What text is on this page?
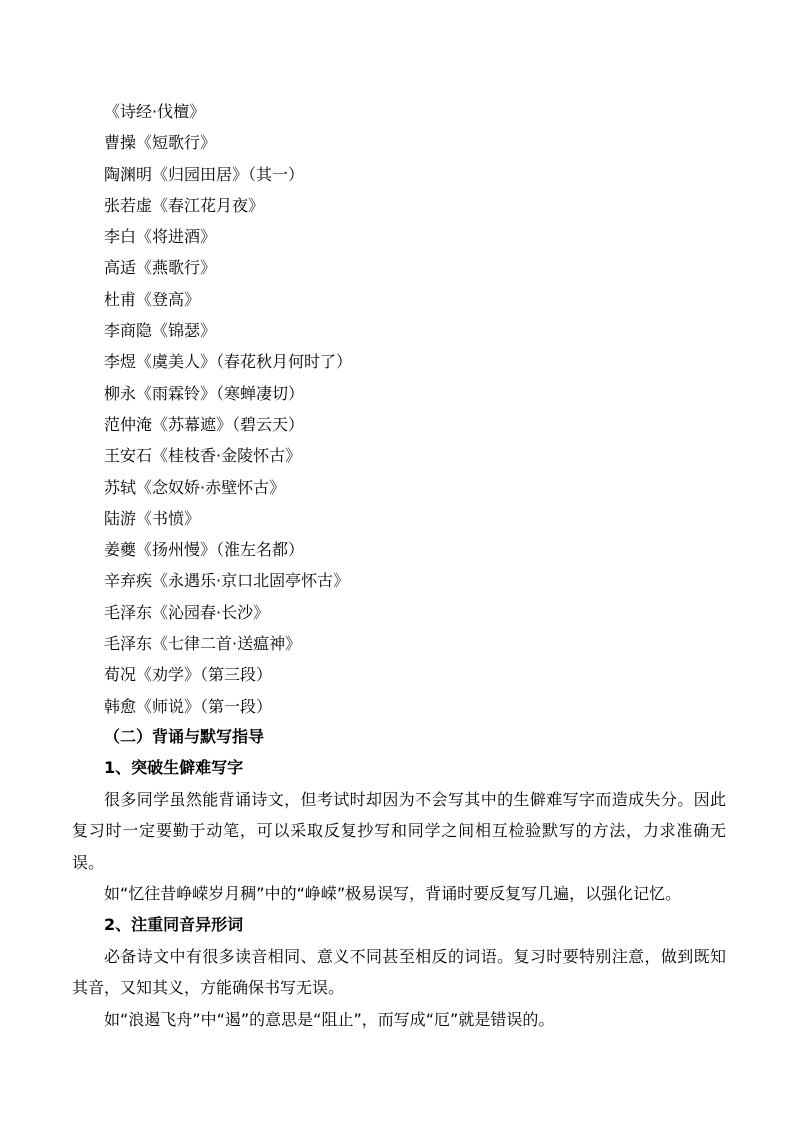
《诗经·伐檀》
曹操《短歌行》
陶渊明《归园田居》（其一）
张若虚《春江花月夜》
李白《将进酒》
高适《燕歌行》
杜甫《登高》
李商隐《锦瑟》
李煜《虞美人》（春花秋月何时了）
柳永《雨霖铃》（寒蝉凄切）
范仲淹《苏幕遮》（碧云天）
王安石《桂枝香·金陵怀古》
苏轼《念奴娇·赤壁怀古》
陆游《书愤》
姜夔《扬州慢》（淮左名都）
辛弃疾《永遇乐·京口北固亭怀古》
毛泽东《沁园春·长沙》
毛泽东《七律二首·送瘟神》
荀况《劝学》（第三段）
韩愈《师说》（第一段）
（二）背诵与默写指导
1、突破生僻难写字

很多同学虽然能背诵诗文，但考试时却因为不会写其中的生僻难写字而造成失分。因此复习时一定要勤于动笔，可以采取反复抄写和同学之间相互检验默写的方法，力求准确无误。

如“忆往昔峥嵘岁月稠”中的“峥嵘”极易误写，背诵时要反复写几遍，以强化记忆。

2、注重同音异形词

必备诗文中有很多读音相同、意义不同甚至相反的词语。复习时要特别注意，做到既知其音，又知其义，方能确保书写无误。

如“浪遏飞舟”中“遏”的意思是“阻止”，而写成“厄”就是错误的。
